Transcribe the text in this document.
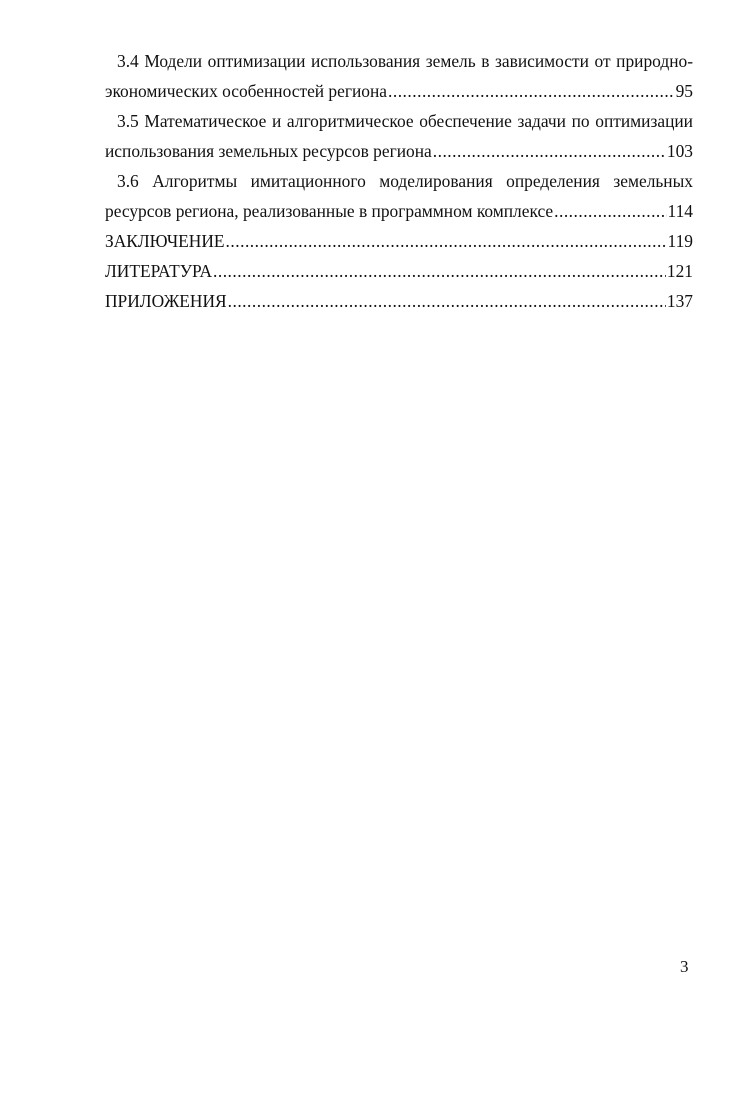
3.4 Модели оптимизации использования земель в зависимости от природно-
экономических особенностей региона .....	95
3.5 Математическое и алгоритмическое обеспечение задачи по оптимизации
использования земельных ресурсов региона .....	103
3.6 Алгоритмы имитационного моделирования определения земельных
ресурсов региона, реализованные в программном комплексе .....	114
ЗАКЛЮЧЕНИЕ .....	119
ЛИТЕРАТУРА .....	121
ПРИЛОЖЕНИЯ .....	137
3
